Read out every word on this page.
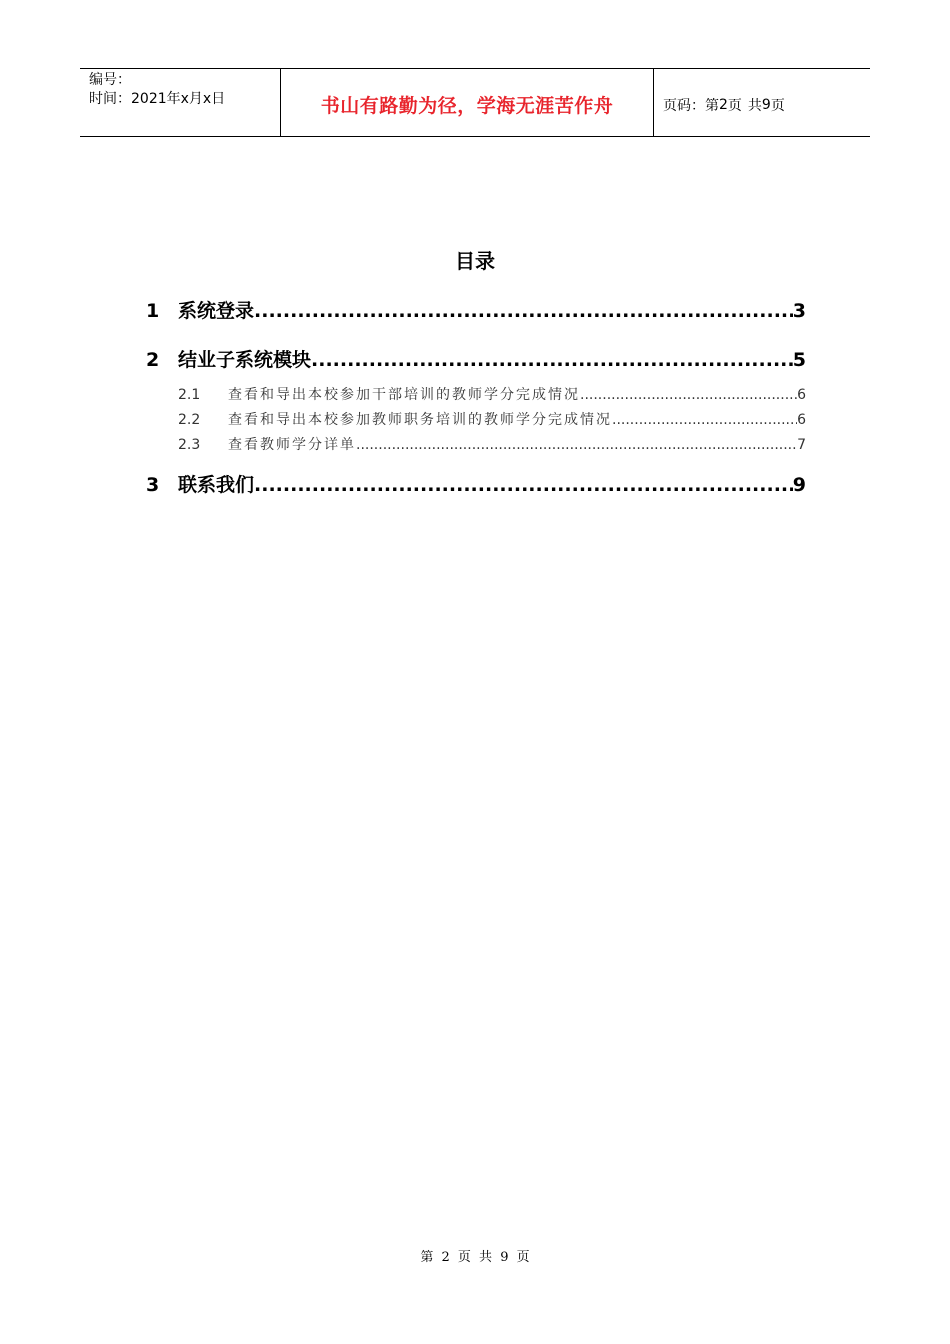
编号：
时间：2021年x月x日	书山有路勤为径，学海无涯苦作舟	页码：第 2 页 共 9 页
目录
1 系统登录 .....	3
2 结业子系统模块 .....	5
2.1	查看和导出本校参加干部培训的教师学分完成情况 .....	6
2.2	查看和导出本校参加教师职务培训的教师学分完成情况 .....	6
2.3	查看教师学分详单 .....	7
3 联系我们 .....	9
第 2 页 共 9 页
